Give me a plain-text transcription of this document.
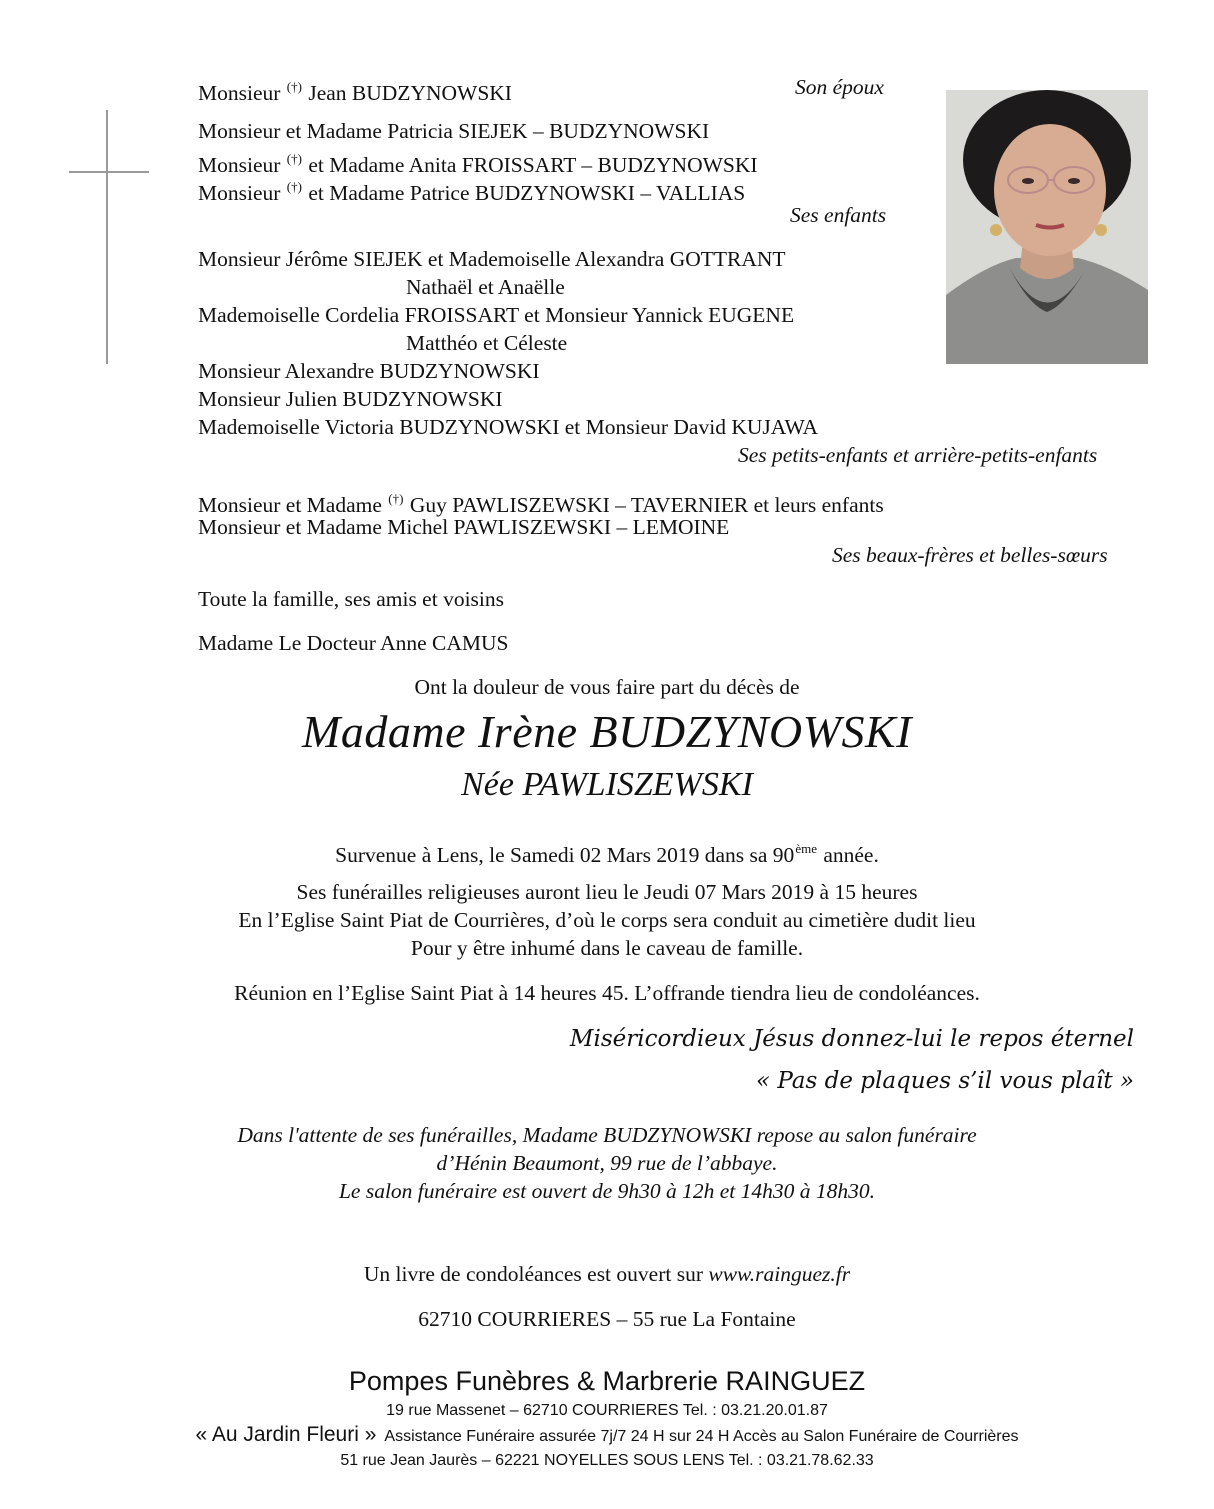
Monsieur (†) Jean BUDZYNOWSKI	Son époux
Monsieur et Madame Patricia SIEJEK – BUDZYNOWSKI
Monsieur (†) et Madame Anita FROISSART – BUDZYNOWSKI
Monsieur (†) et Madame Patrice BUDZYNOWSKI – VALLIAS
Ses enfants
Monsieur Jérôme SIEJEK et Mademoiselle Alexandra GOTTRANT
Nathaël et Anaëlle
Mademoiselle Cordelia FROISSART et Monsieur Yannick EUGENE
Matthéo et Céleste
Monsieur Alexandre BUDZYNOWSKI
Monsieur Julien BUDZYNOWSKI
Mademoiselle Victoria BUDZYNOWSKI et Monsieur David KUJAWA
Ses petits-enfants et arrière-petits-enfants
Monsieur et Madame (†) Guy PAWLISZEWSKI – TAVERNIER et leurs enfants
Monsieur et Madame Michel PAWLISZEWSKI – LEMOINE
Ses beaux-frères et belles-sœurs
Toute la famille, ses amis et voisins
Madame Le Docteur Anne CAMUS
Ont la douleur de vous faire part du décès de
Madame Irène BUDZYNOWSKI
Née PAWLISZEWSKI
Survenue à Lens, le Samedi 02 Mars 2019 dans sa 90ème année.
Ses funérailles religieuses auront lieu le Jeudi 07 Mars 2019 à 15 heures
En l’Eglise Saint Piat de Courrières, d’où le corps sera conduit au cimetière dudit lieu
Pour y être inhumé dans le caveau de famille.
Réunion en l’Eglise Saint Piat à 14 heures 45. L’offrande tiendra lieu de condoléances.
Miséricordieux Jésus donnez-lui le repos éternel
« Pas de plaques s’il vous plaît »
Dans l'attente de ses funérailles, Madame BUDZYNOWSKI repose au salon funéraire
d’Hénin Beaumont, 99 rue de l’abbaye.
Le salon funéraire est ouvert de 9h30 à 12h et 14h30 à 18h30.
Un livre de condoléances est ouvert sur www.rainguez.fr
62710 COURRIERES – 55 rue La Fontaine
Pompes Funèbres & Marbrerie RAINGUEZ
19 rue Massenet – 62710 COURRIERES Tel. : 03.21.20.01.87
« Au Jardin Fleuri » Assistance Funéraire assurée 7j/7 24 H sur 24 H Accès au Salon Funéraire de Courrières
51 rue Jean Jaurès – 62221 NOYELLES SOUS LENS Tel. : 03.21.78.62.33
